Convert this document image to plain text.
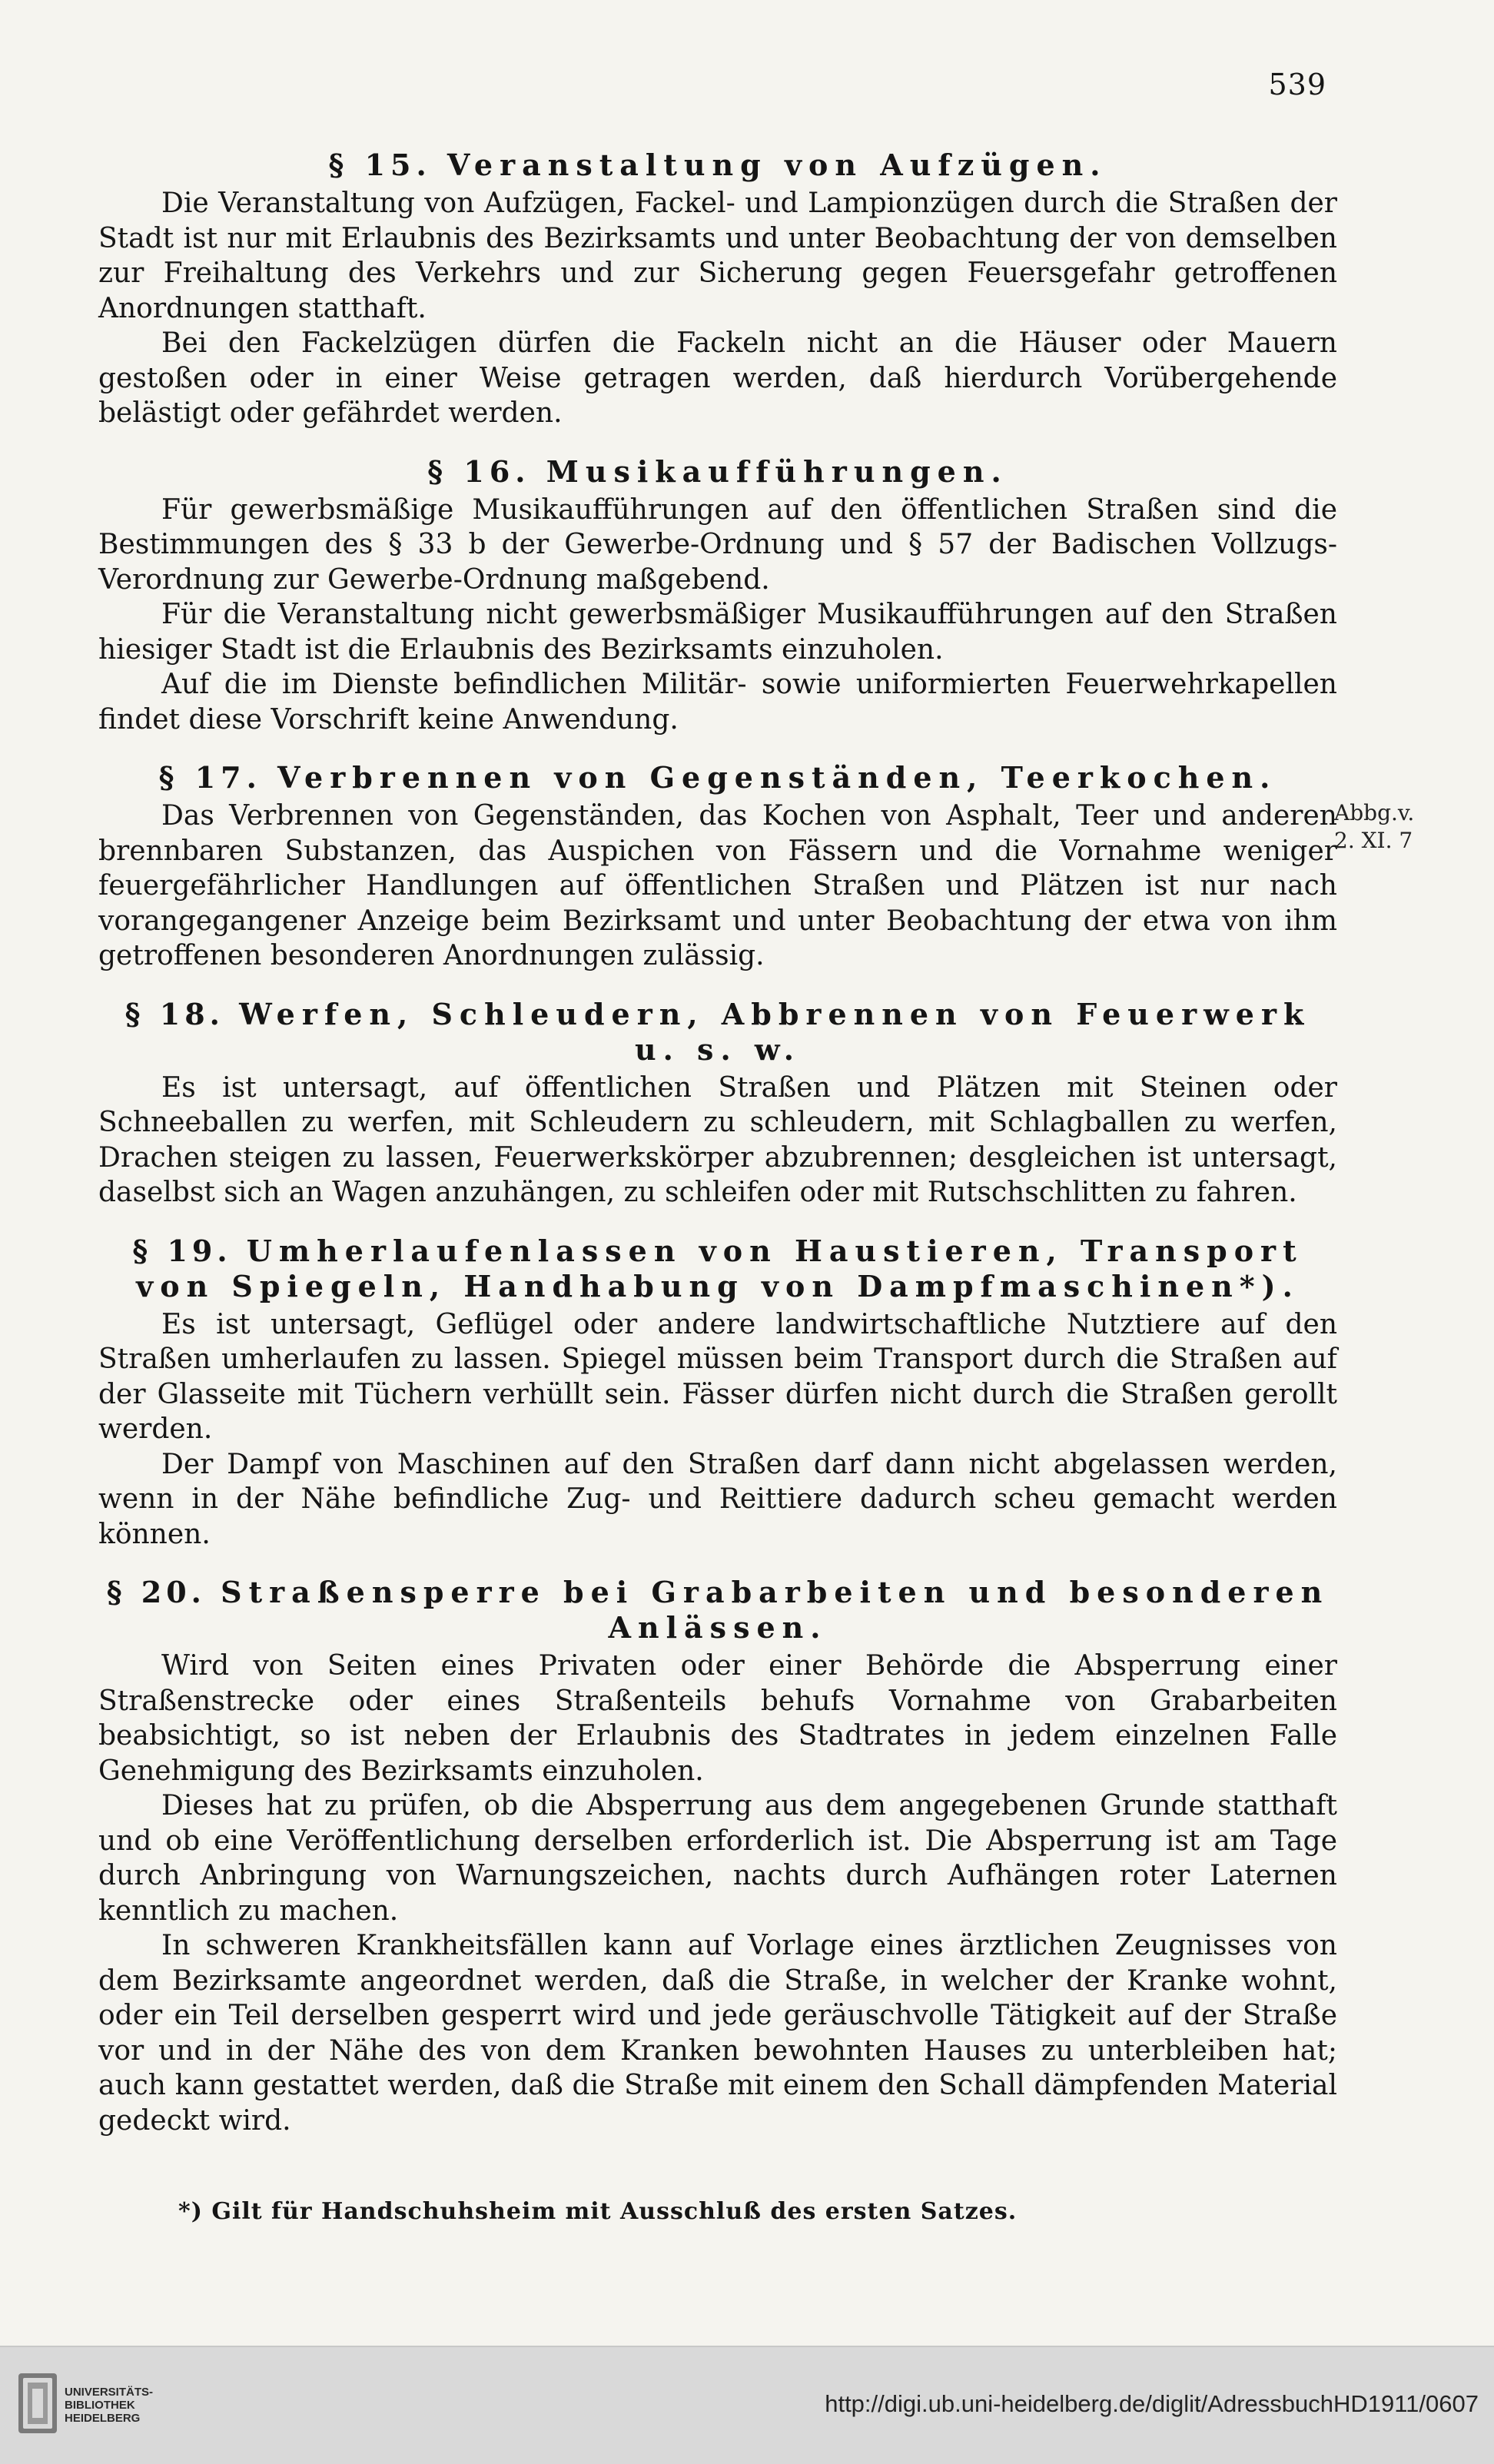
539
§ 15. Veranstaltung von Aufzügen.

Die Veranstaltung von Aufzügen, Fackel- und Lampionzügen durch die Straßen der Stadt ist nur mit Erlaubnis des Bezirksamts und unter Beobachtung der von demselben zur Freihaltung des Verkehrs und zur Sicherung gegen Feuersgefahr getroffenen Anordnungen statthaft.

Bei den Fackelzügen dürfen die Fackeln nicht an die Häuser oder Mauern gestoßen oder in einer Weise getragen werden, daß hierdurch Vorübergehende belästigt oder gefährdet werden.

§ 16. Musikaufführungen.

Für gewerbsmäßige Musikaufführungen auf den öffentlichen Straßen sind die Bestimmungen des § 33 b der Gewerbe-Ordnung und § 57 der Badischen Vollzugs-Verordnung zur Gewerbe-Ordnung maßgebend.

Für die Veranstaltung nicht gewerbsmäßiger Musikaufführungen auf den Straßen hiesiger Stadt ist die Erlaubnis des Bezirksamts einzuholen.

Auf die im Dienste befindlichen Militär- sowie uniformierten Feuerwehrkapellen findet diese Vorschrift keine Anwendung.

§ 17. Verbrennen von Gegenständen, Teerkochen.

Das Verbrennen von Gegenständen, das Kochen von Asphalt, Teer und anderen brennbaren Substanzen, das Auspichen von Fässern und die Vornahme weniger feuergefährlicher Handlungen auf öffentlichen Straßen und Plätzen ist nur nach vorangegangener Anzeige beim Bezirksamt und unter Beobachtung der etwa von ihm getroffenen besonderen Anordnungen zulässig.

§ 18. Werfen, Schleudern, Abbrennen von Feuerwerk u. s. w.

Es ist untersagt, auf öffentlichen Straßen und Plätzen mit Steinen oder Schneeballen zu werfen, mit Schleudern zu schleudern, mit Schlagballen zu werfen, Drachen steigen zu lassen, Feuerwerkskörper abzubrennen; desgleichen ist untersagt, daselbst sich an Wagen anzuhängen, zu schleifen oder mit Rutschschlitten zu fahren.

§ 19. Umherlaufenlassen von Haustieren, Transport von Spiegeln, Handhabung von Dampfmaschinen*).

Es ist untersagt, Geflügel oder andere landwirtschaftliche Nutztiere auf den Straßen umherlaufen zu lassen. Spiegel müssen beim Transport durch die Straßen auf der Glasseite mit Tüchern verhüllt sein. Fässer dürfen nicht durch die Straßen gerollt werden.

Der Dampf von Maschinen auf den Straßen darf dann nicht abgelassen werden, wenn in der Nähe befindliche Zug- und Reittiere dadurch scheu gemacht werden können.

§ 20. Straßensperre bei Grabarbeiten und besonderen Anlässen.

Wird von Seiten eines Privaten oder einer Behörde die Absperrung einer Straßenstrecke oder eines Straßenteils behufs Vornahme von Grabarbeiten beabsichtigt, so ist neben der Erlaubnis des Stadtrates in jedem einzelnen Falle Genehmigung des Bezirksamts einzuholen.

Dieses hat zu prüfen, ob die Absperrung aus dem angegebenen Grunde statthaft und ob eine Veröffentlichung derselben erforderlich ist. Die Absperrung ist am Tage durch Anbringung von Warnungszeichen, nachts durch Aufhängen roter Laternen kenntlich zu machen.

In schweren Krankheitsfällen kann auf Vorlage eines ärztlichen Zeugnisses von dem Bezirksamte angeordnet werden, daß die Straße, in welcher der Kranke wohnt, oder ein Teil derselben gesperrt wird und jede geräuschvolle Tätigkeit auf der Straße vor und in der Nähe des von dem Kranken bewohnten Hauses zu unterbleiben hat; auch kann gestattet werden, daß die Straße mit einem den Schall dämpfenden Material gedeckt wird.

Abbg.v.
2. XI. 7
*) Gilt für Handschuhsheim mit Ausschluß des ersten Satzes.
UNIVERSITÄTS-
BIBLIOTHEK
HEIDELBERG
http://digi.ub.uni-heidelberg.de/diglit/AdressbuchHD1911/0607
